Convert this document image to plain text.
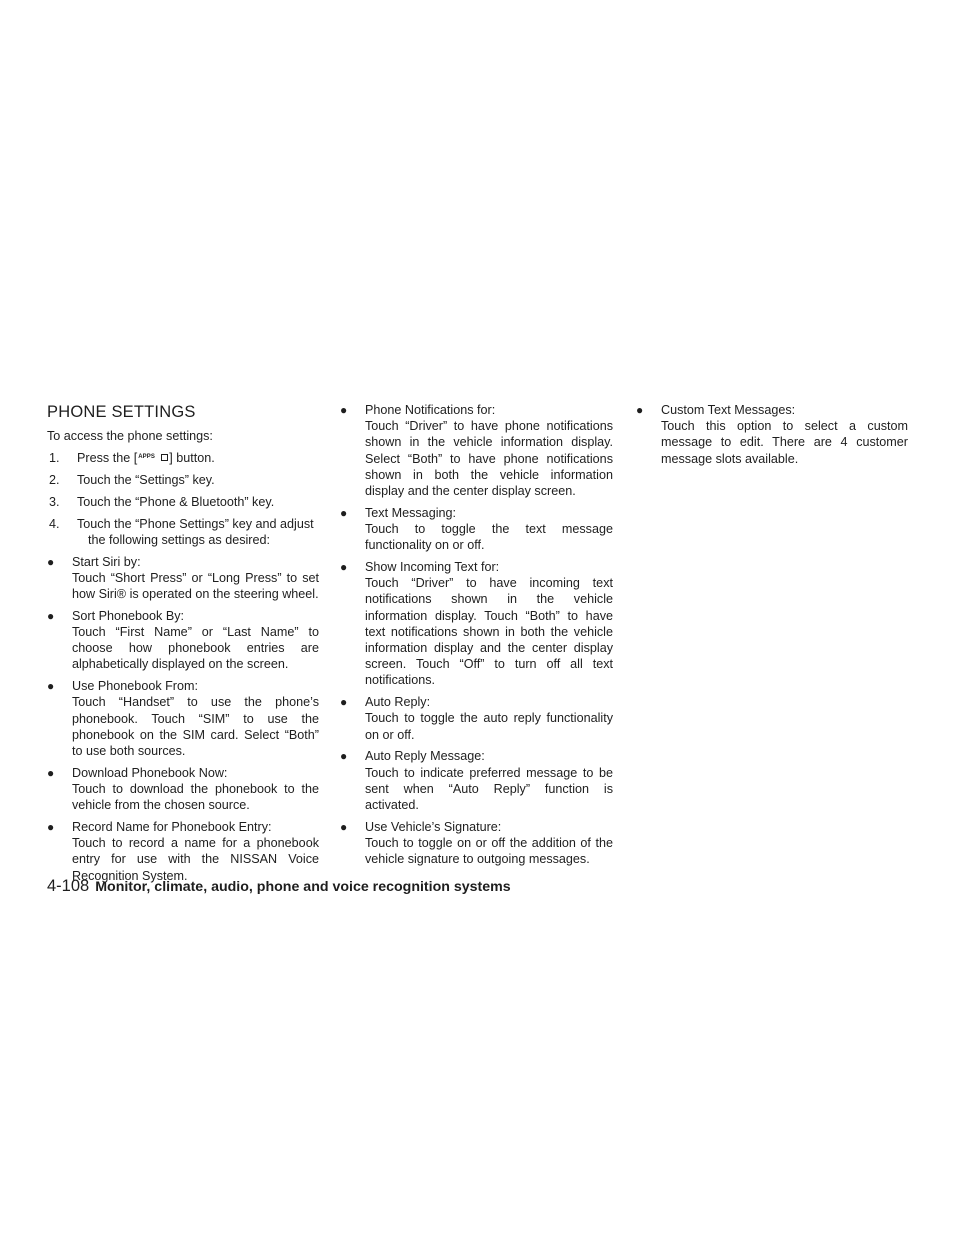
PHONE SETTINGS
To access the phone settings:
1. Press the [ APPS ] button.
2. Touch the “Settings” key.
3. Touch the “Phone & Bluetooth” key.
4. Touch the “Phone Settings” key and adjust
the following settings as desired:
● Start Siri by:
Touch “Short Press” or “Long Press” to set how Siri® is operated on the steering wheel.
● Sort Phonebook By:
Touch “First Name” or “Last Name” to choose how phonebook entries are alphabetically displayed on the screen.
● Use Phonebook From:
Touch “Handset” to use the phone’s phonebook. Touch “SIM” to use the phonebook on the SIM card. Select “Both” to use both sources.
● Download Phonebook Now:
Touch to download the phonebook to the vehicle from the chosen source.
● Record Name for Phonebook Entry:
Touch to record a name for a phonebook entry for use with the NISSAN Voice Recognition System.
● Phone Notifications for:
Touch “Driver” to have phone notifications shown in the vehicle information display. Select “Both” to have phone notifications shown in both the vehicle information display and the center display screen.
● Text Messaging:
Touch to toggle the text message functionality on or off.
● Show Incoming Text for:
Touch “Driver” to have incoming text notifications shown in the vehicle information display. Touch “Both” to have text notifications shown in both the vehicle information display and the center display screen. Touch “Off” to turn off all text notifications.
● Auto Reply:
Touch to toggle the auto reply functionality on or off.
● Auto Reply Message:
Touch to indicate preferred message to be sent when “Auto Reply” function is activated.
● Use Vehicle’s Signature:
Touch to toggle on or off the addition of the vehicle signature to outgoing messages.
● Custom Text Messages:
Touch this option to select a custom message to edit. There are 4 customer message slots available.
4-108 Monitor, climate, audio, phone and voice recognition systems
